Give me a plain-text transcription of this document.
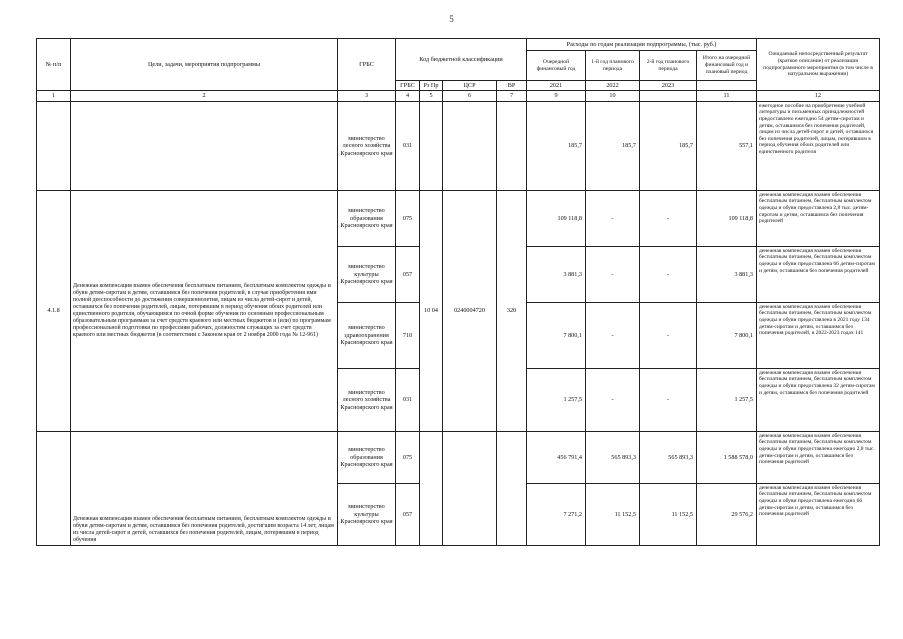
5
№ п/п	Цели, задачи, мероприятия подпрограммы	ГРБС	Код бюджетной классификации				Расходы по годам реализации подпрограммы, (тыс. руб.)				Ожидаемый непосредственный результат (краткое описание) от реализации подпрограммного мероприятия (в том числе в натуральном выражении)
							Очередной финансовый год	1-й год планового периода	2-й год планового периода	Итого на очередной финансовый год и плановый период	
			ГРБС	Рз Пр	ЦСР	ВР	2021	2022	2023		
1	2	3	4	5	6	7	9	10		11	12
		министерство лесного хозяйства Красноярского края	031				185,7	185,7	185,7	557,1	ежегодное пособие на приобретение учебной литературы и письменных принадлежностей предоставлено ежегодно 54 детям-сиротам и детям, оставшимся без попечения родителей, лицам из числа детей-сирот и детей, оставшихся без попечения родителей, лицам, потерявшим в период обучения обоих родителей или единственного родителя
4.1.8	Денежная компенсация взамен обеспечения бесплатным питанием, бесплатным комплектом одежды и обуви детям-сиротам и детям, оставшимся без попечения родителей, в случае приобретения ими полной дееспособности до достижения совершеннолетия, лицам из числа детей-сирот и детей, оставшихся без попечения родителей, лицам, потерявшим в период обучения обоих родителей или единственного родителя, обучающимся по очной форме обучения по основным профессиональным образовательным программам за счет средств краевого или местных бюджетов и (или) по программам профессиональной подготовки по профессиям рабочих, должностям служащих за счет средств краевого или местных бюджетов (в соответствии с Законом края от 2 ноября 2000 года № 12-961)	министерство образования Красноярского края	075	10 04	0240004720	320	109 118,8	-	-	109 118,8	денежная компенсация взамен обеспечения бесплатным питанием, бесплатным комплектом одежды и обуви предоставлена 2,8 тыс. детям-сиротам и детям, оставшимся без попечения родителей
		министерство культуры Красноярского края	057				3 881,3	-	-	3 881,3	денежная компенсация взамен обеспечения бесплатным питанием, бесплатным комплектом одежды и обуви предоставлена 66 детям-сиротам и детям, оставшимся без попечения родителей
		министерство здравоохранения Красноярского края	710				7 800,1	-	-	7 800,1	денежная компенсация взамен обеспечения бесплатным питанием, бесплатным комплектом одежды и обуви предоставлена в 2021 году 134 детям-сиротам и детям, оставшимся без попечения родителей, в 2022-2023 годах 141
		министерство лесного хозяйства Красноярского края	031				1 257,5	-	-	1 257,5	денежная компенсация взамен обеспечения бесплатным питанием, бесплатным комплектом одежды и обуви предоставлена 32 детям-сиротам и детям, оставшимся без попечения родителей
	Денежная компенсация взамен обеспечения бесплатным питанием, бесплатным комплектом одежды и обуви детям-сиротам и детям, оставшимся без попечения родителей, достигшим возраста 14 лет, лицам из числа детей-сирот и детей, оставшихся без попечения родителей, лицам, потерявшим в период обучения	министерство образования Красноярского края	075				456 791,4	565 893,3	565 893,3	1 588 578,0	денежная компенсация взамен обеспечения бесплатным питанием, бесплатным комплектом одежды и обуви предоставлена ежегодно 2,8 тыс. детям-сиротам и детям, оставшимся без попечения родителей
		министерство культуры Красноярского края	057				7 271,2	11 152,5	11 152,5	29 576,2	денежная компенсация взамен обеспечения бесплатным питанием, бесплатным комплектом одежды и обуви предоставлена ежегодно 66 детям-сиротам и детям, оставшимся без попечения родителей
